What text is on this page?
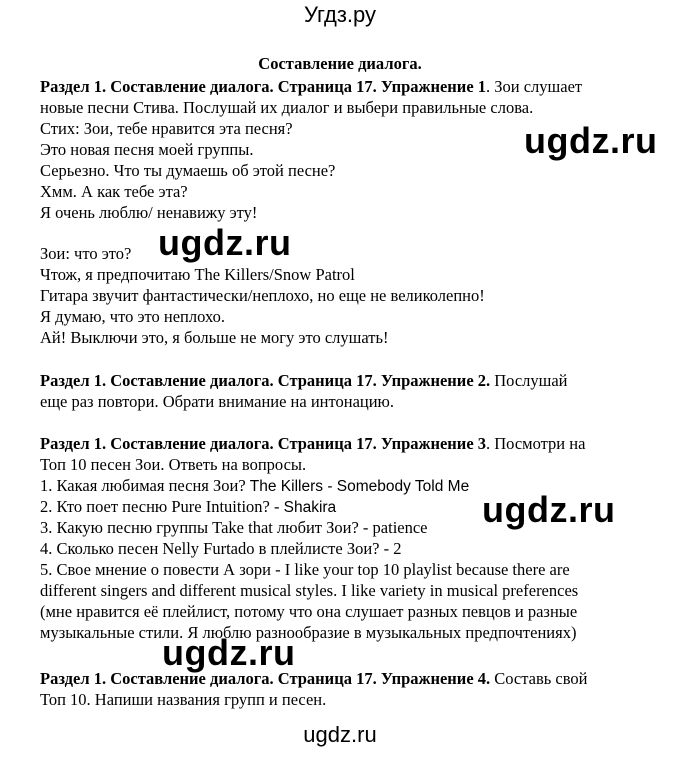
Угдз.ру
Составление диалога.
Раздел 1. Составление диалога. Страница 17. Упражнение 1. Зои слушает
новые песни Стива. Послушай их диалог и выбери правильные слова.
Стих: Зои, тебе нравится эта песня?
Это новая песня моей группы.
Серьезно. Что ты думаешь об этой песне?
Хмм. А как тебе эта?
Я очень люблю/ ненавижу эту!
Зои: что это?
Чтож, я предпочитаю The Killers/Snow Patrol
Гитара звучит фантастически/неплохо, но еще не великолепно!
Я думаю, что это неплохо.
Ай! Выключи это, я больше не могу это слушать!
Раздел 1. Составление диалога. Страница 17. Упражнение 2. Послушай
еще раз повтори. Обрати внимание на интонацию.
Раздел 1. Составление диалога. Страница 17. Упражнение 3. Посмотри на
Топ 10 песен Зои. Ответь на вопросы.
1. Какая любимая песня Зои? The Killers - Somebody Told Me
2. Кто поет песню Pure Intuition? - Shakira
3. Какую песню группы Take that любит Зои? - patience
4. Сколько песен Nelly Furtado в плейлисте Зои? - 2
5. Свое мнение о повести А зори - I like your top 10 playlist because there are
different singers and different musical styles. I like variety in musical preferences
(мне нравится её плейлист, потому что она слушает разных певцов и разные
музыкальные стили. Я люблю разнообразие в музыкальных предпочтениях)
Раздел 1. Составление диалога. Страница 17. Упражнение 4. Составь свой
Топ 10. Напиши названия групп и песен.
ugdz.ru
ugdz.ru
ugdz.ru
ugdz.ru
ugdz.ru
